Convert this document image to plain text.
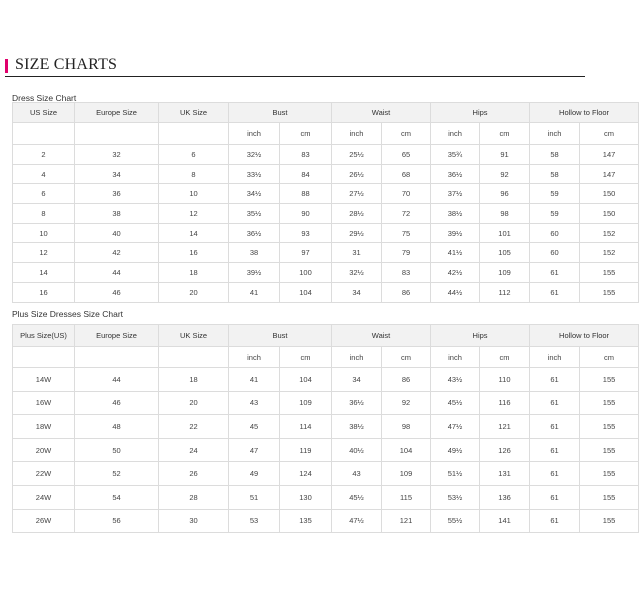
SIZE CHARTS
Dress Size Chart
US Size	Europe Size	UK Size	Bust		Waist		Hips		Hollow to Floor	
			inch	cm	inch	cm	inch	cm	inch	cm
2	32	6	32½	83	25½	65	35¾	91	58	147
4	34	8	33½	84	26½	68	36½	92	58	147
6	36	10	34½	88	27½	70	37½	96	59	150
8	38	12	35½	90	28½	72	38½	98	59	150
10	40	14	36½	93	29½	75	39½	101	60	152
12	42	16	38	97	31	79	41½	105	60	152
14	44	18	39½	100	32½	83	42½	109	61	155
16	46	20	41	104	34	86	44½	112	61	155
Plus Size Dresses Size Chart
Plus Size(US)	Europe Size	UK Size	Bust		Waist		Hips		Hollow to Floor	
			inch	cm	inch	cm	inch	cm	inch	cm
14W	44	18	41	104	34	86	43½	110	61	155
16W	46	20	43	109	36½	92	45½	116	61	155
18W	48	22	45	114	38½	98	47½	121	61	155
20W	50	24	47	119	40½	104	49½	126	61	155
22W	52	26	49	124	43	109	51½	131	61	155
24W	54	28	51	130	45½	115	53½	136	61	155
26W	56	30	53	135	47½	121	55½	141	61	155
